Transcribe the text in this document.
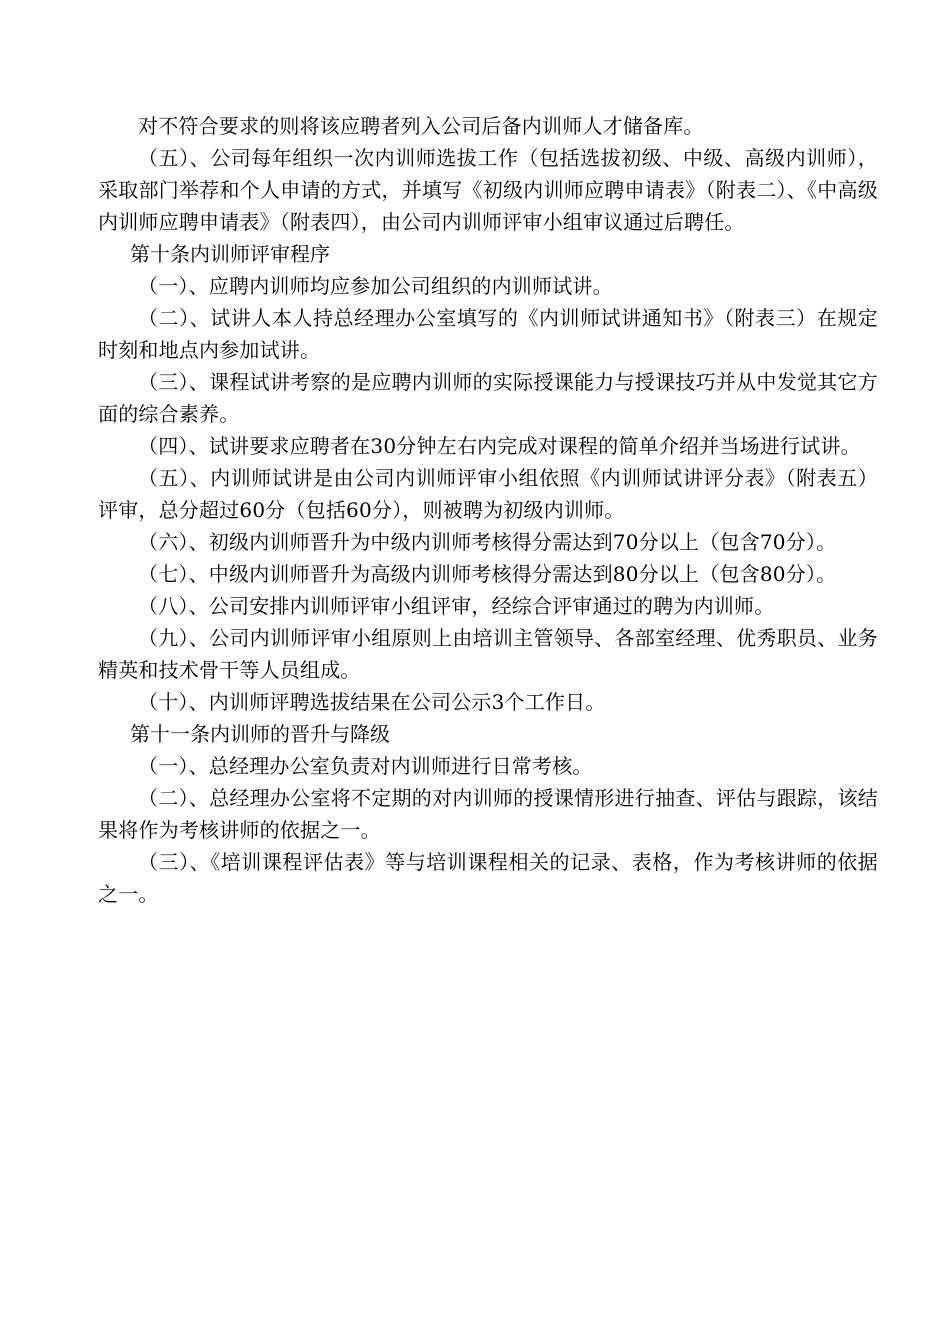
对不符合要求的则将该应聘者列入公司后备内训师人才储备库。

（五）、公司每年组织一次内训师选拔工作（包括选拔初级、中级、高级内训师），采取部门举荐和个人申请的方式，并填写《初级内训师应聘申请表》（附表二）、《中高级内训师应聘申请表》（附表四），由公司内训师评审小组审议通过后聘任。

第十条内训师评审程序

（一）、应聘内训师均应参加公司组织的内训师试讲。

（二）、试讲人本人持总经理办公室填写的《内训师试讲通知书》（附表三）在规定时刻和地点内参加试讲。

（三）、课程试讲考察的是应聘内训师的实际授课能力与授课技巧并从中发觉其它方面的综合素养。

（四）、试讲要求应聘者在30分钟左右内完成对课程的简单介绍并当场进行试讲。

（五）、内训师试讲是由公司内训师评审小组依照《内训师试讲评分表》（附表五）评审，总分超过60分（包括60分），则被聘为初级内训师。

（六）、初级内训师晋升为中级内训师考核得分需达到70分以上（包含70分）。

（七）、中级内训师晋升为高级内训师考核得分需达到80分以上（包含80分）。

（八）、公司安排内训师评审小组评审，经综合评审通过的聘为内训师。

（九）、公司内训师评审小组原则上由培训主管领导、各部室经理、优秀职员、业务精英和技术骨干等人员组成。

（十）、内训师评聘选拔结果在公司公示3个工作日。

第十一条内训师的晋升与降级

（一）、总经理办公室负责对内训师进行日常考核。

（二）、总经理办公室将不定期的对内训师的授课情形进行抽查、评估与跟踪，该结果将作为考核讲师的依据之一。

（三）、《培训课程评估表》等与培训课程相关的记录、表格，作为考核讲师的依据之一。
